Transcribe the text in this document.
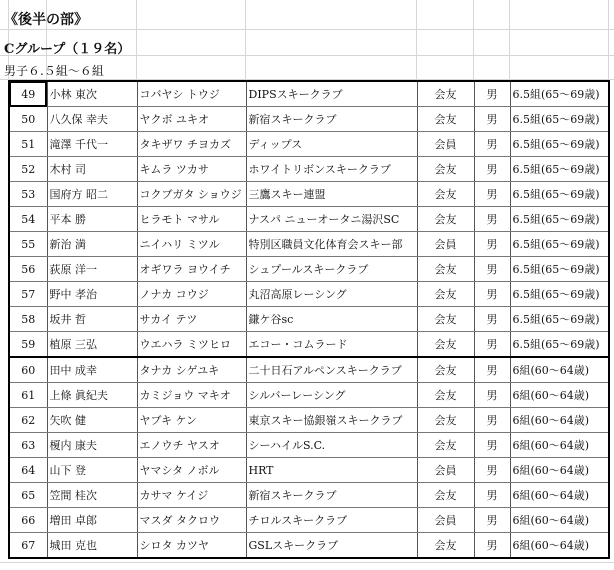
《後半の部》
Cグループ（１９名）
男子６.５組～６組
49	小林 東次	コバヤシ トウジ	DIPSスキークラブ	会友	男	6.5組(65～69歳)
50	八久保 幸夫	ヤクボ ユキオ	新宿スキークラブ	会友	男	6.5組(65～69歳)
51	滝澤 千代一	タキザワ チヨカズ	ディップス	会員	男	6.5組(65～69歳)
52	木村 司	キムラ ツカサ	ホワイトリボンスキークラブ	会友	男	6.5組(65～69歳)
53	国府方 昭二	コクブガタ ショウジ	三鷹スキー連盟	会友	男	6.5組(65～69歳)
54	平本 勝	ヒラモト マサル	ナスパ ニューオータニ湯沢SC	会友	男	6.5組(65～69歳)
55	新治 満	ニイハリ ミツル	特別区職員文化体育会スキー部	会員	男	6.5組(65～69歳)
56	荻原 洋一	オギワラ ヨウイチ	シュプールスキークラブ	会友	男	6.5組(65～69歳)
57	野中 孝治	ノナカ コウジ	丸沼高原レーシング	会友	男	6.5組(65～69歳)
58	坂井 哲	サカイ テツ	鎌ケ谷sc	会友	男	6.5組(65～69歳)
59	植原 三弘	ウエハラ ミツヒロ	エコー・コムラード	会友	男	6.5組(65～69歳)
60	田中 成幸	タナカ シゲユキ	二十日石アルペンスキークラブ	会友	男	6組(60～64歳)
61	上條 眞紀夫	カミジョウ マキオ	シルバーレーシング	会友	男	6組(60～64歳)
62	矢吹 健	ヤブキ ケン	東京スキー協銀嶺スキークラブ	会友	男	6組(60～64歳)
63	榎内 康夫	エノウチ ヤスオ	シーハイルS.C.	会友	男	6組(60～64歳)
64	山下 登	ヤマシタ ノボル	HRT	会員	男	6組(60～64歳)
65	笠間 桂次	カサマ ケイジ	新宿スキークラブ	会友	男	6組(60～64歳)
66	増田 卓郎	マスダ タクロウ	チロルスキークラブ	会員	男	6組(60～64歳)
67	城田 克也	シロタ カツヤ	GSLスキークラブ	会友	男	6組(60～64歳)
